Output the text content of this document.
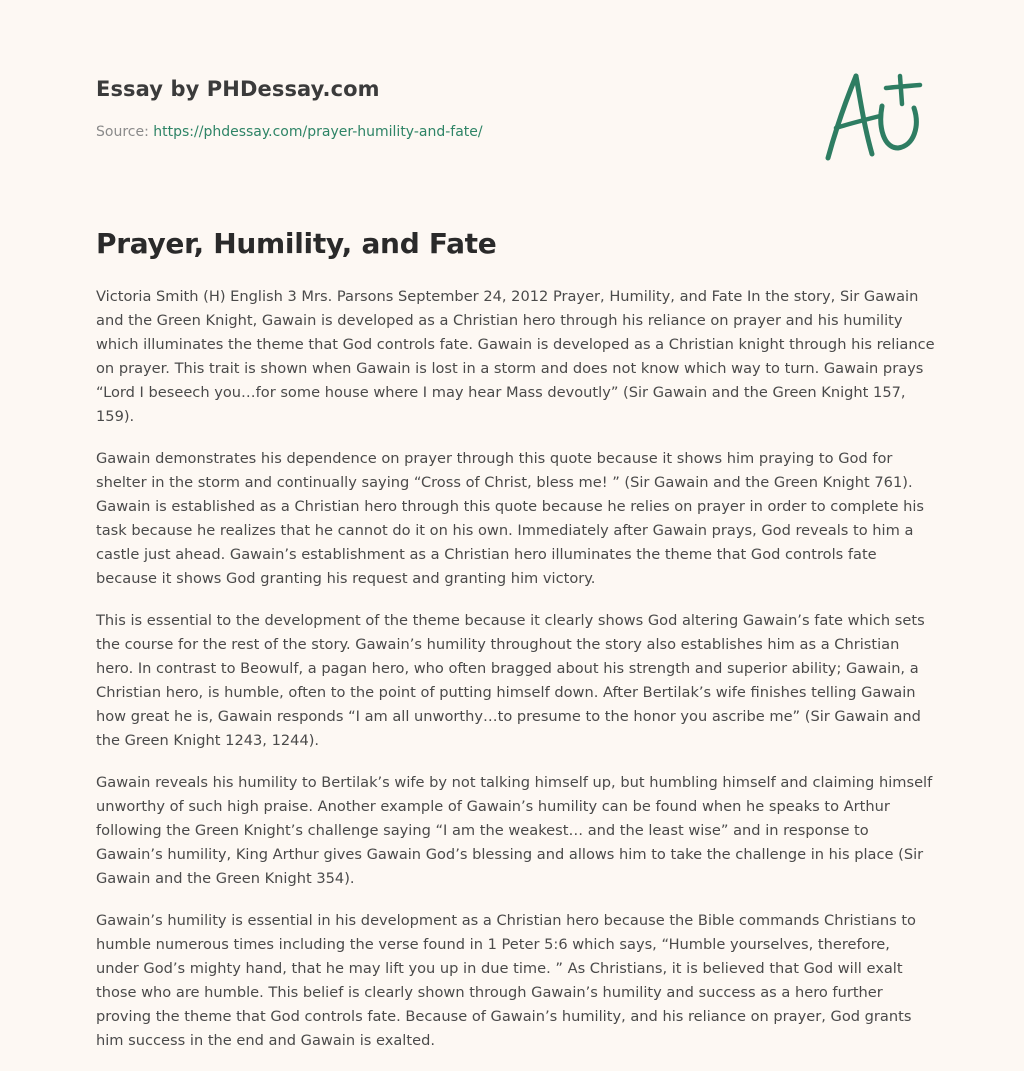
Essay by PHDessay.com
Source: https://phdessay.com/prayer-humility-and-fate/
Prayer, Humility, and Fate

Victoria Smith (H) English 3 Mrs. Parsons September 24, 2012 Prayer, Humility, and Fate In the story, Sir Gawain and the Green Knight, Gawain is developed as a Christian hero through his reliance on prayer and his humility which illuminates the theme that God controls fate. Gawain is developed as a Christian knight through his reliance on prayer. This trait is shown when Gawain is lost in a storm and does not know which way to turn. Gawain prays “Lord I beseech you…for some house where I may hear Mass devoutly” (Sir Gawain and the Green Knight 157, 159).

Gawain demonstrates his dependence on prayer through this quote because it shows him praying to God for shelter in the storm and continually saying “Cross of Christ, bless me! ” (Sir Gawain and the Green Knight 761). Gawain is established as a Christian hero through this quote because he relies on prayer in order to complete his task because he realizes that he cannot do it on his own. Immediately after Gawain prays, God reveals to him a castle just ahead. Gawain’s establishment as a Christian hero illuminates the theme that God controls fate because it shows God granting his request and granting him victory.

This is essential to the development of the theme because it clearly shows God altering Gawain’s fate which sets the course for the rest of the story. Gawain’s humility throughout the story also establishes him as a Christian hero. In contrast to Beowulf, a pagan hero, who often bragged about his strength and superior ability; Gawain, a Christian hero, is humble, often to the point of putting himself down. After Bertilak’s wife finishes telling Gawain how great he is, Gawain responds “I am all unworthy…to presume to the honor you ascribe me” (Sir Gawain and the Green Knight 1243, 1244).

Gawain reveals his humility to Bertilak’s wife by not talking himself up, but humbling himself and claiming himself unworthy of such high praise. Another example of Gawain’s humility can be found when he speaks to Arthur following the Green Knight’s challenge saying “I am the weakest… and the least wise” and in response to Gawain’s humility, King Arthur gives Gawain God’s blessing and allows him to take the challenge in his place (Sir Gawain and the Green Knight 354).

Gawain’s humility is essential in his development as a Christian hero because the Bible commands Christians to humble numerous times including the verse found in 1 Peter 5:6 which says, “Humble yourselves, therefore, under God’s mighty hand, that he may lift you up in due time. ” As Christians, it is believed that God will exalt those who are humble. This belief is clearly shown through Gawain’s humility and success as a hero further proving the theme that God controls fate. Because of Gawain’s humility, and his reliance on prayer, God grants him success in the end and Gawain is exalted.
